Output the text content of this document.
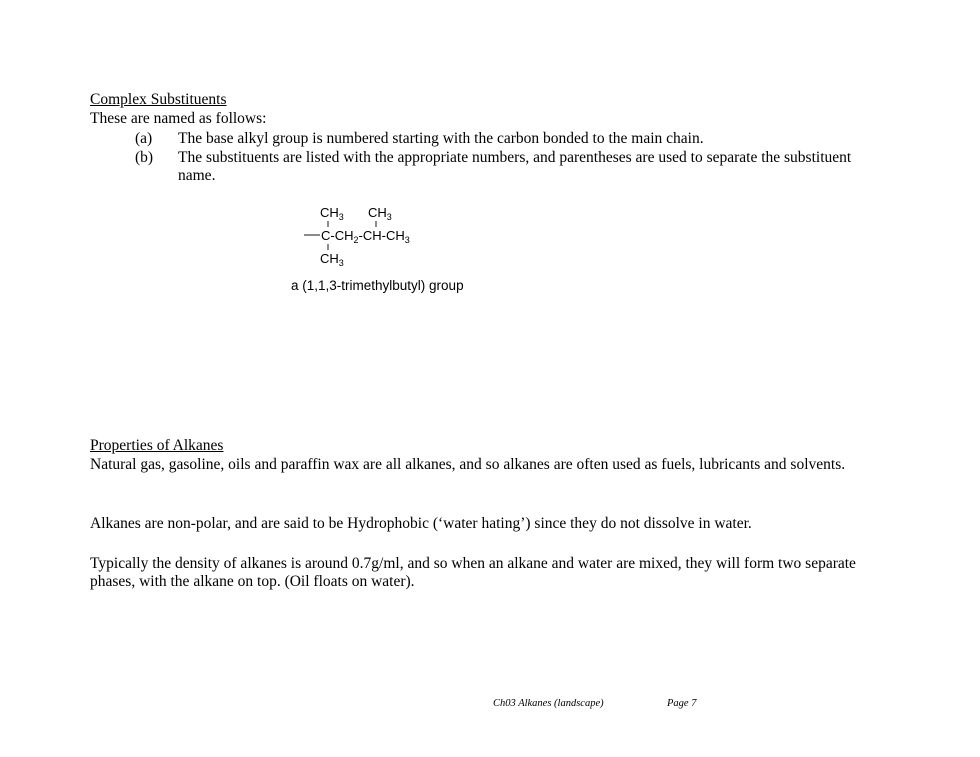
Complex Substituents

These are named as follows:

(a) The base alkyl group is numbered starting with the carbon bonded to the main chain.
(b) The substituents are listed with the appropriate numbers, and parentheses are used to separate the substituent name.
$CH_3$ $CH_3$
$C-CH_2-CH-CH_3$
$CH_3$
a (1,1,3-trimethylbutyl) group
Properties of Alkanes

Natural gas, gasoline, oils and paraffin wax are all alkanes, and so alkanes are often used as fuels, lubricants and solvents.

Alkanes are non-polar, and are said to be Hydrophobic (‘water hating’) since they do not dissolve in water.

Typically the density of alkanes is around 0.7g/ml, and so when an alkane and water are mixed, they will form two separate phases, with the alkane on top. (Oil floats on water).

Ch03 Alkanes (landscape)	Page 7
